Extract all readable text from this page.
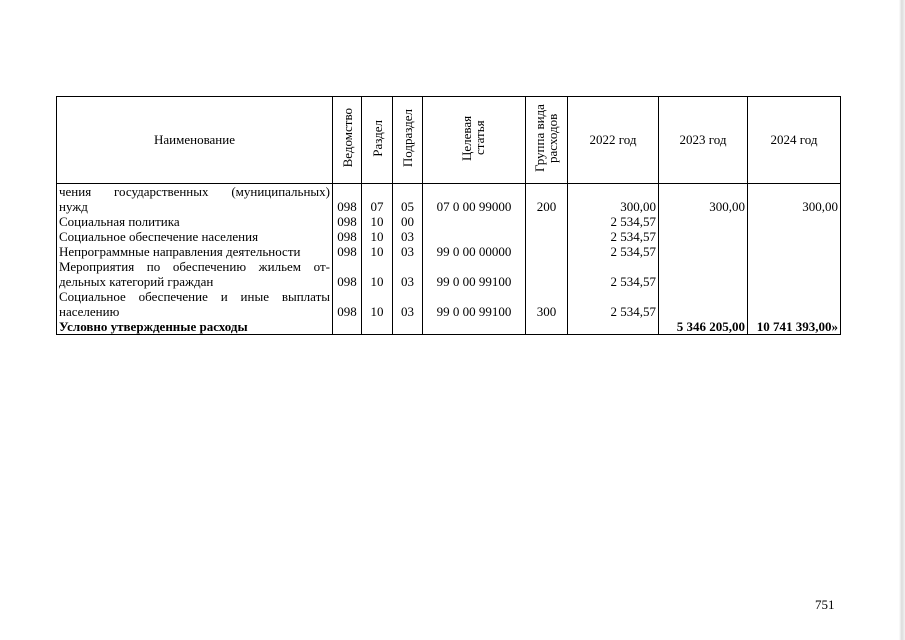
Наименование	Ведомство	Раздел	Подраздел	Целевая статья	Группа вида расходов	2022 год	2023 год	2024 год
чения государственных (муниципальных)								
нужд	098	07	05	07 0 00 99000	200	300,00	300,00	300,00
Социальная политика	098	10	00			2 534,57		
Социальное обеспечение населения	098	10	03			2 534,57		
Непрограммные направления деятельности	098	10	03	99 0 00 00000		2 534,57		
Мероприятия по обеспечению жильем от-								
дельных категорий граждан	098	10	03	99 0 00 99100		2 534,57		
Социальное обеспечение и иные выплаты								
населению	098	10	03	99 0 00 99100	300	2 534,57		
Условно утвержденные расходы							5 346 205,00	10 741 393,00»
751
